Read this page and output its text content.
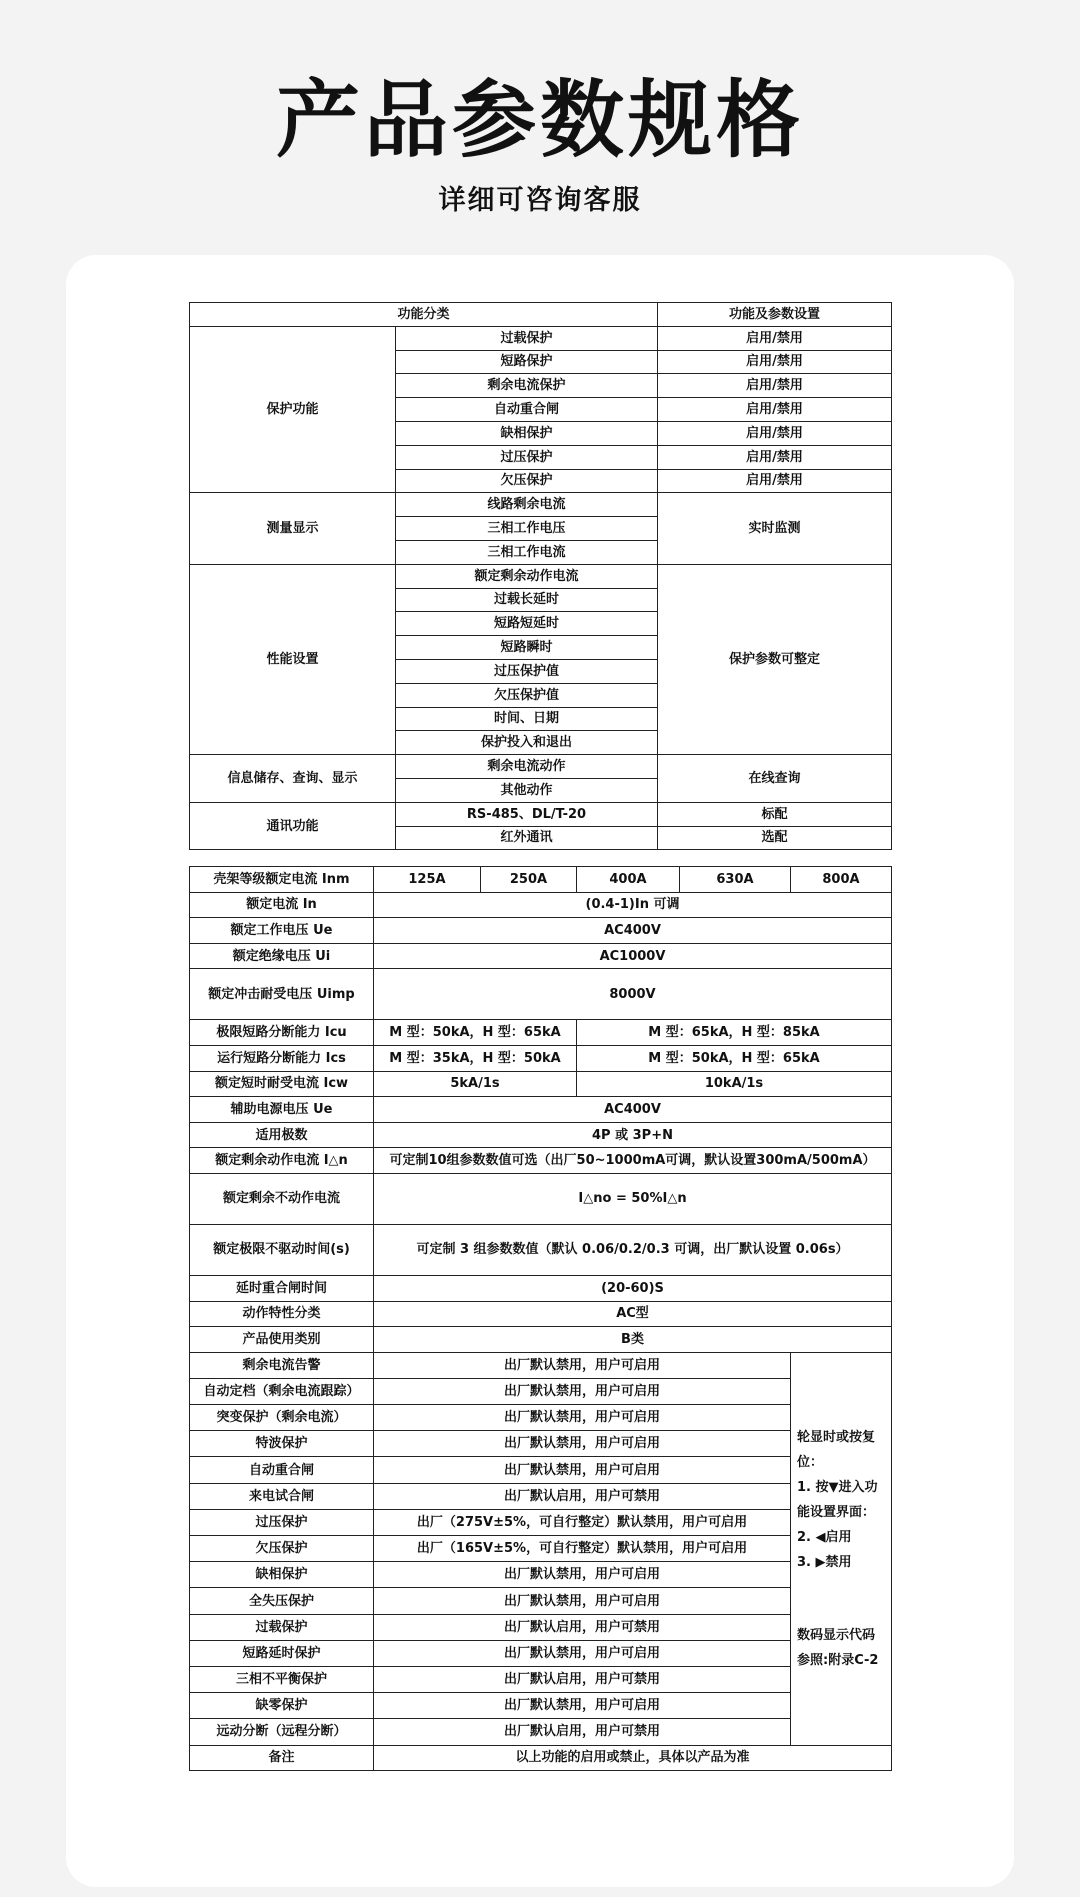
产品参数规格
详细可咨询客服
功能分类		功能及参数设置
保护功能	过载保护	启用/禁用
	短路保护	启用/禁用
	剩余电流保护	启用/禁用
	自动重合闸	启用/禁用
	缺相保护	启用/禁用
	过压保护	启用/禁用
	欠压保护	启用/禁用
测量显示	线路剩余电流	实时监测
	三相工作电压	
	三相工作电流	
性能设置	额定剩余动作电流	保护参数可整定
	过载长延时	
	短路短延时	
	短路瞬时	
	过压保护值	
	欠压保护值	
	时间、日期	
	保护投入和退出	
信息储存、查询、显示	剩余电流动作	在线查询
	其他动作	
通讯功能	RS-485、DL/T-20	标配
	红外通讯	选配
壳架等级额定电流 Inm	125A	250A	400A	630A	800A
额定电流 In	(0.4-1)In 可调				
额定工作电压 Ue	AC400V				
额定绝缘电压 Ui	AC1000V				
额定冲击耐受电压 Uimp	8000V				
极限短路分断能力 Icu	M 型：50kA，H 型：65kA		M 型：65kA，H 型：85kA		
运行短路分断能力 Ics	M 型：35kA，H 型：50kA		M 型：50kA，H 型：65kA		
额定短时耐受电流 Icw	5kA/1s		10kA/1s		
辅助电源电压 Ue	AC400V				
适用极数	4P 或 3P+N				
额定剩余动作电流 I△n	可定制10组参数数值可选（出厂50~1000mA可调，默认设置300mA/500mA）				
额定剩余不动作电流	I△no = 50%I△n				
额定极限不驱动时间(s)	可定制 3 组参数数值（默认 0.06/0.2/0.3 可调，出厂默认设置 0.06s）				
延时重合闸时间	(20-60)S				
动作特性分类	AC型				
产品使用类别	B类				
剩余电流告警	出厂默认禁用，用户可启用				轮显时或按复位：
1. 按▼进入功能设置界面：
2. ◀启用
3. ▶禁用
数码显示代码参照:附录C-2

自动定档（剩余电流跟踪）	出厂默认禁用，用户可启用				
突变保护（剩余电流）	出厂默认禁用，用户可启用				
特波保护	出厂默认禁用，用户可启用				
自动重合闸	出厂默认禁用，用户可启用				
来电试合闸	出厂默认启用，用户可禁用				
过压保护	出厂（275V±5%，可自行整定）默认禁用，用户可启用				
欠压保护	出厂（165V±5%，可自行整定）默认禁用，用户可启用				
缺相保护	出厂默认禁用，用户可启用				
全失压保护	出厂默认禁用，用户可启用				
过载保护	出厂默认启用，用户可禁用				
短路延时保护	出厂默认禁用，用户可启用				
三相不平衡保护	出厂默认启用，用户可禁用				
缺零保护	出厂默认禁用，用户可启用				
远动分断（远程分断）	出厂默认启用，用户可禁用				
备注	以上功能的启用或禁止，具体以产品为准				
